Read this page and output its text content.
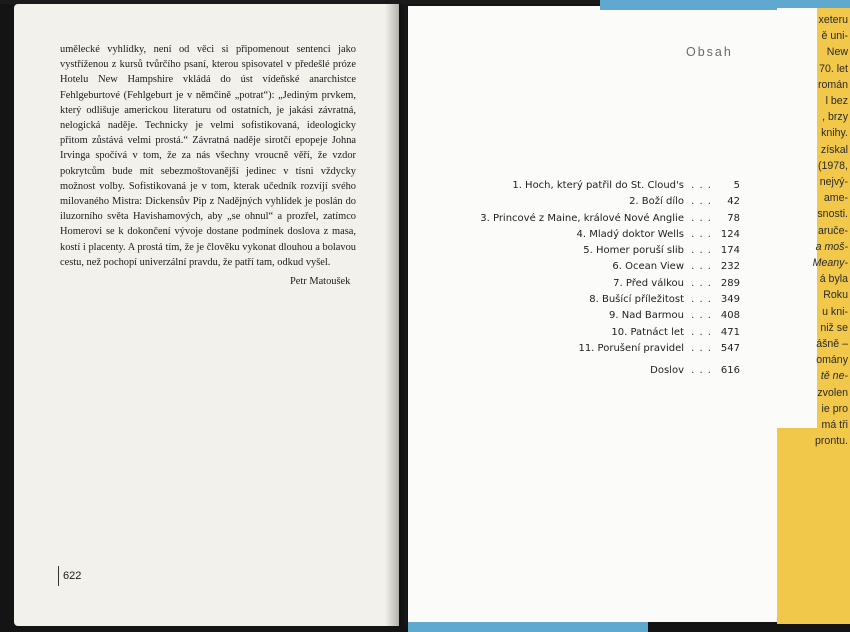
umělecké vyhlídky, není od věci si připomenout sentenci jako vystříženou z kursů tvůrčího psaní, kterou spisovatel v předešlé próze Hotelu New Hampshire vkládá do úst vídeňské anarchistce Fehlgeburtové (Fehlgeburt je v němčině „potrat“): „Jediným prvkem, který odlišuje americkou literaturu od ostatních, je jakási závratná, nelogická naděje. Technicky je velmi sofistikovaná, ideologicky přitom zůstává velmi prostá.“ Závratná naděje sirotčí epopeje Johna Irvinga spočívá v tom, že za nás všechny vroucně věří, že vzdor pokrytcům bude mít sebezmoštovanější jedinec v tísni vždycky možnost volby. Sofistikovaná je v tom, kterak učedník rozvíjí svého milovaného Mistra: Dickensův Pip z Nadějných vyhlídek je poslán do iluzorního světa Havishamových, aby „se ohnul“ a prozřel, zatímco Homerovi se k dokončení vývoje dostane podmínek doslova z masa, kostí i placenty. A prostá tím, že je člověku vykonat dlouhou a bolavou cestu, než pochopí univerzální pravdu, že patří tam, odkud vyšel.

Petr Matoušek
622
Obsah
1. Hoch, který patřil do St. Cloud's . . .	5
2. Boží dílo . . .	42
3. Princové z Maine, králové Nové Anglie . . .	78
4. Mladý doktor Wells . . . 124
5. Homer poruší slib . . . 174
6. Ocean View . . . 232
7. Před válkou . . . 289
8. Bušící příležitost . . . 349
9. Nad Barmou . . . 408
10. Patnáct let . . . 471
11. Porušení pravidel . . . 547
Doslov . . . 616
xeteru
ě uni-
New
70. let
román
l bez
, brzy
knihy.
získal
(1978,
nejvý-
ame-
snosti.
aruče-
a moš-
Meany-
á byla
Roku
u kni-
niž se
ášně –
omány
tě ne-
zvolen
ie pro
má tři
prontu.
